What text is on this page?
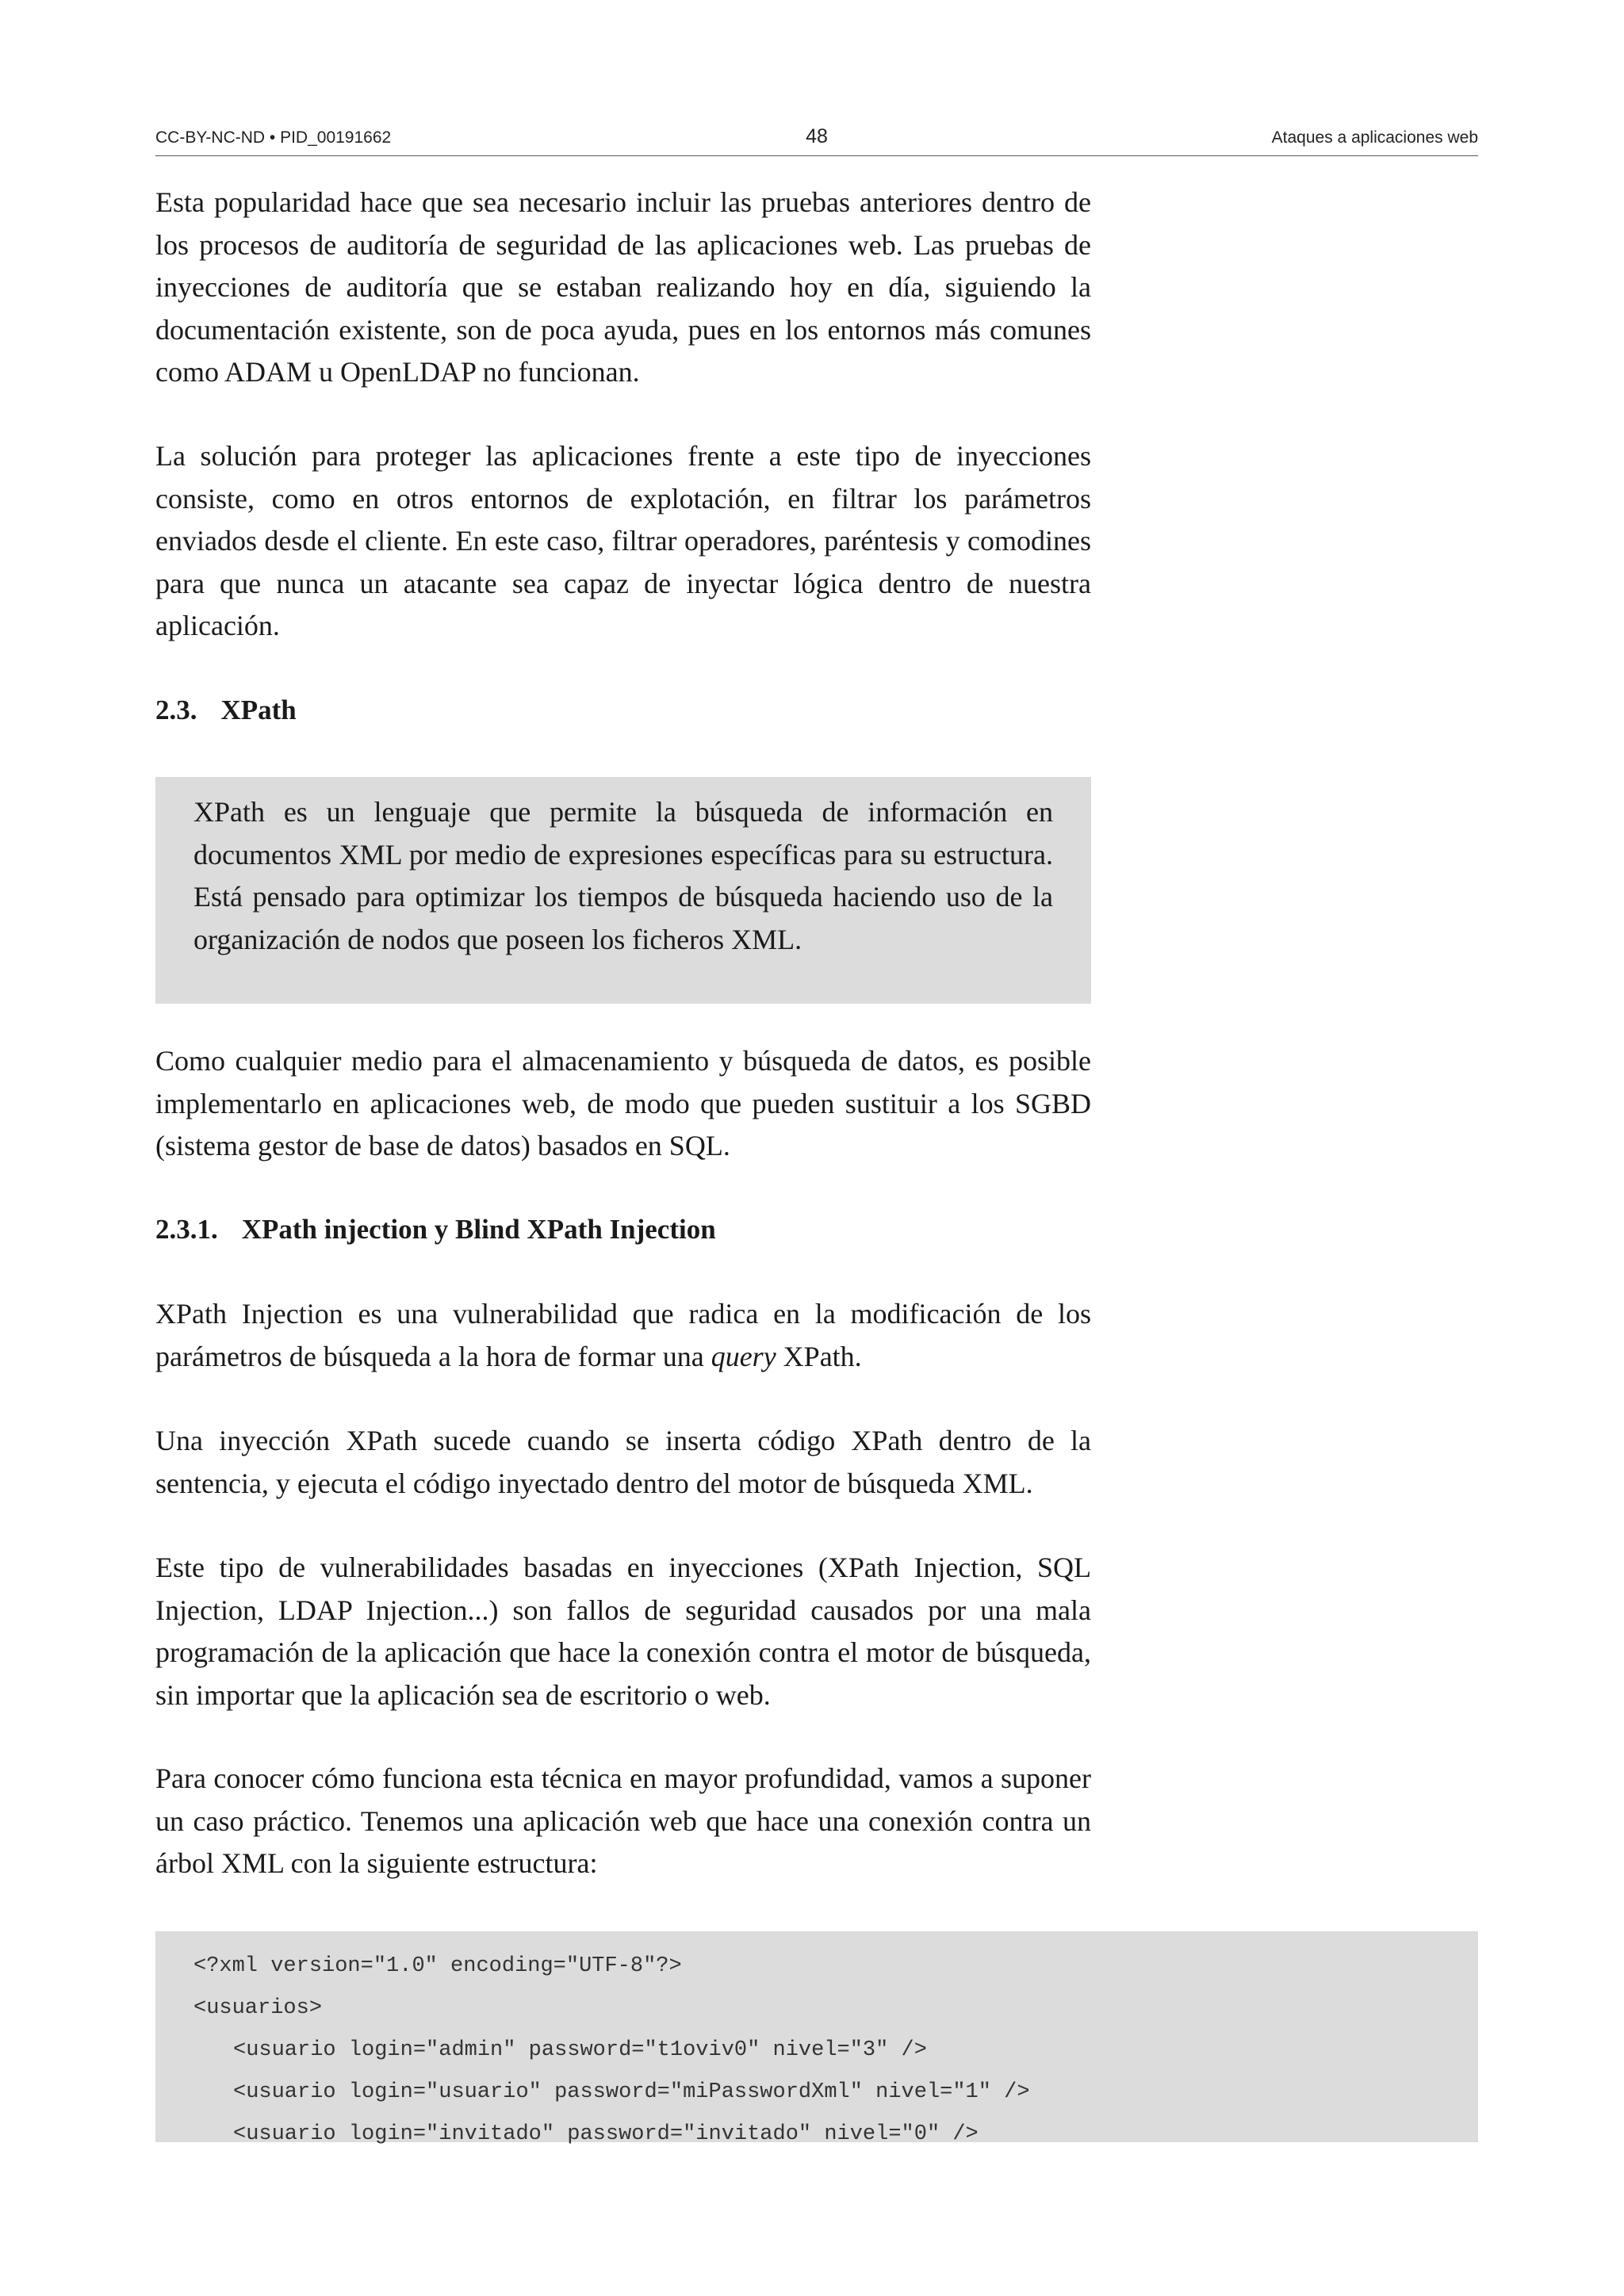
CC-BY-NC-ND • PID_00191662	48	Ataques a aplicaciones web

Esta popularidad hace que sea necesario incluir las pruebas anteriores dentro de los procesos de auditoría de seguridad de las aplicaciones web. Las pruebas de inyecciones de auditoría que se estaban realizando hoy en día, siguiendo la documentación existente, son de poca ayuda, pues en los entornos más comunes como ADAM u OpenLDAP no funcionan.

La solución para proteger las aplicaciones frente a este tipo de inyecciones consiste, como en otros entornos de explotación, en filtrar los parámetros enviados desde el cliente. En este caso, filtrar operadores, paréntesis y comodines para que nunca un atacante sea capaz de inyectar lógica dentro de nuestra aplicación.

2.3. XPath

XPath es un lenguaje que permite la búsqueda de información en documentos XML por medio de expresiones específicas para su estructura. Está pensado para optimizar los tiempos de búsqueda haciendo uso de la organización de nodos que poseen los ficheros XML.

Como cualquier medio para el almacenamiento y búsqueda de datos, es posible implementarlo en aplicaciones web, de modo que pueden sustituir a los SGBD (sistema gestor de base de datos) basados en SQL.

2.3.1. XPath injection y Blind XPath Injection

XPath Injection es una vulnerabilidad que radica en la modificación de los parámetros de búsqueda a la hora de formar una query XPath.

Una inyección XPath sucede cuando se inserta código XPath dentro de la sentencia, y ejecuta el código inyectado dentro del motor de búsqueda XML.

Este tipo de vulnerabilidades basadas en inyecciones (XPath Injection, SQL Injection, LDAP Injection...) son fallos de seguridad causados por una mala programación de la aplicación que hace la conexión contra el motor de búsqueda, sin importar que la aplicación sea de escritorio o web.

Para conocer cómo funciona esta técnica en mayor profundidad, vamos a suponer un caso práctico. Tenemos una aplicación web que hace una conexión contra un árbol XML con la siguiente estructura:

<?xml version="1.0" encoding="UTF-8"?>
<usuarios>
<usuario login="admin" password="t1oviv0" nivel="3" />
<usuario login="usuario" password="miPasswordXml" nivel="1" />
<usuario login="invitado" password="invitado" nivel="0" />
